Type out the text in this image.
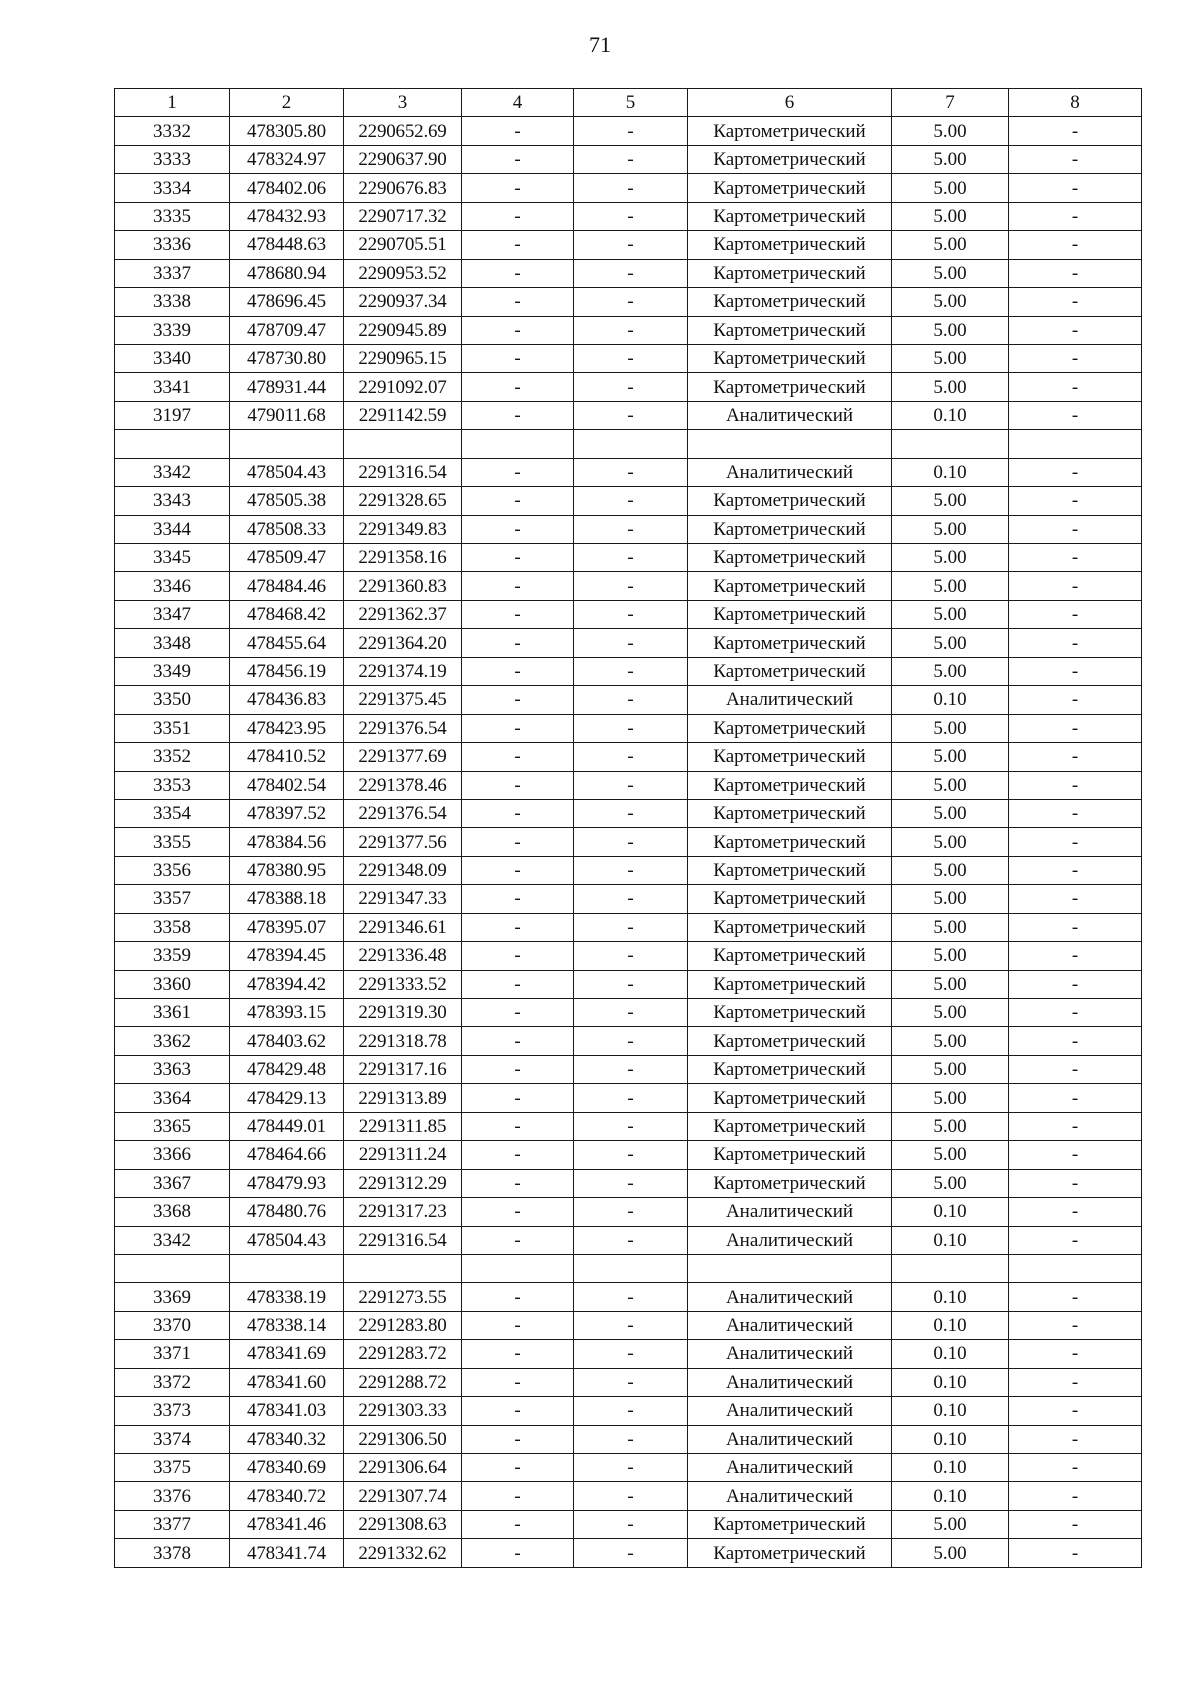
71
1	2	3	4	5	6	7	8
3332	478305.80	2290652.69	-	-	Картометрический	5.00	-
3333	478324.97	2290637.90	-	-	Картометрический	5.00	-
3334	478402.06	2290676.83	-	-	Картометрический	5.00	-
3335	478432.93	2290717.32	-	-	Картометрический	5.00	-
3336	478448.63	2290705.51	-	-	Картометрический	5.00	-
3337	478680.94	2290953.52	-	-	Картометрический	5.00	-
3338	478696.45	2290937.34	-	-	Картометрический	5.00	-
3339	478709.47	2290945.89	-	-	Картометрический	5.00	-
3340	478730.80	2290965.15	-	-	Картометрический	5.00	-
3341	478931.44	2291092.07	-	-	Картометрический	5.00	-
3197	479011.68	2291142.59	-	-	Аналитический	0.10	-

3342	478504.43	2291316.54	-	-	Аналитический	0.10	-
3343	478505.38	2291328.65	-	-	Картометрический	5.00	-
3344	478508.33	2291349.83	-	-	Картометрический	5.00	-
3345	478509.47	2291358.16	-	-	Картометрический	5.00	-
3346	478484.46	2291360.83	-	-	Картометрический	5.00	-
3347	478468.42	2291362.37	-	-	Картометрический	5.00	-
3348	478455.64	2291364.20	-	-	Картометрический	5.00	-
3349	478456.19	2291374.19	-	-	Картометрический	5.00	-
3350	478436.83	2291375.45	-	-	Аналитический	0.10	-
3351	478423.95	2291376.54	-	-	Картометрический	5.00	-
3352	478410.52	2291377.69	-	-	Картометрический	5.00	-
3353	478402.54	2291378.46	-	-	Картометрический	5.00	-
3354	478397.52	2291376.54	-	-	Картометрический	5.00	-
3355	478384.56	2291377.56	-	-	Картометрический	5.00	-
3356	478380.95	2291348.09	-	-	Картометрический	5.00	-
3357	478388.18	2291347.33	-	-	Картометрический	5.00	-
3358	478395.07	2291346.61	-	-	Картометрический	5.00	-
3359	478394.45	2291336.48	-	-	Картометрический	5.00	-
3360	478394.42	2291333.52	-	-	Картометрический	5.00	-
3361	478393.15	2291319.30	-	-	Картометрический	5.00	-
3362	478403.62	2291318.78	-	-	Картометрический	5.00	-
3363	478429.48	2291317.16	-	-	Картометрический	5.00	-
3364	478429.13	2291313.89	-	-	Картометрический	5.00	-
3365	478449.01	2291311.85	-	-	Картометрический	5.00	-
3366	478464.66	2291311.24	-	-	Картометрический	5.00	-
3367	478479.93	2291312.29	-	-	Картометрический	5.00	-
3368	478480.76	2291317.23	-	-	Аналитический	0.10	-
3342	478504.43	2291316.54	-	-	Аналитический	0.10	-

3369	478338.19	2291273.55	-	-	Аналитический	0.10	-
3370	478338.14	2291283.80	-	-	Аналитический	0.10	-
3371	478341.69	2291283.72	-	-	Аналитический	0.10	-
3372	478341.60	2291288.72	-	-	Аналитический	0.10	-
3373	478341.03	2291303.33	-	-	Аналитический	0.10	-
3374	478340.32	2291306.50	-	-	Аналитический	0.10	-
3375	478340.69	2291306.64	-	-	Аналитический	0.10	-
3376	478340.72	2291307.74	-	-	Аналитический	0.10	-
3377	478341.46	2291308.63	-	-	Картометрический	5.00	-
3378	478341.74	2291332.62	-	-	Картометрический	5.00	-
